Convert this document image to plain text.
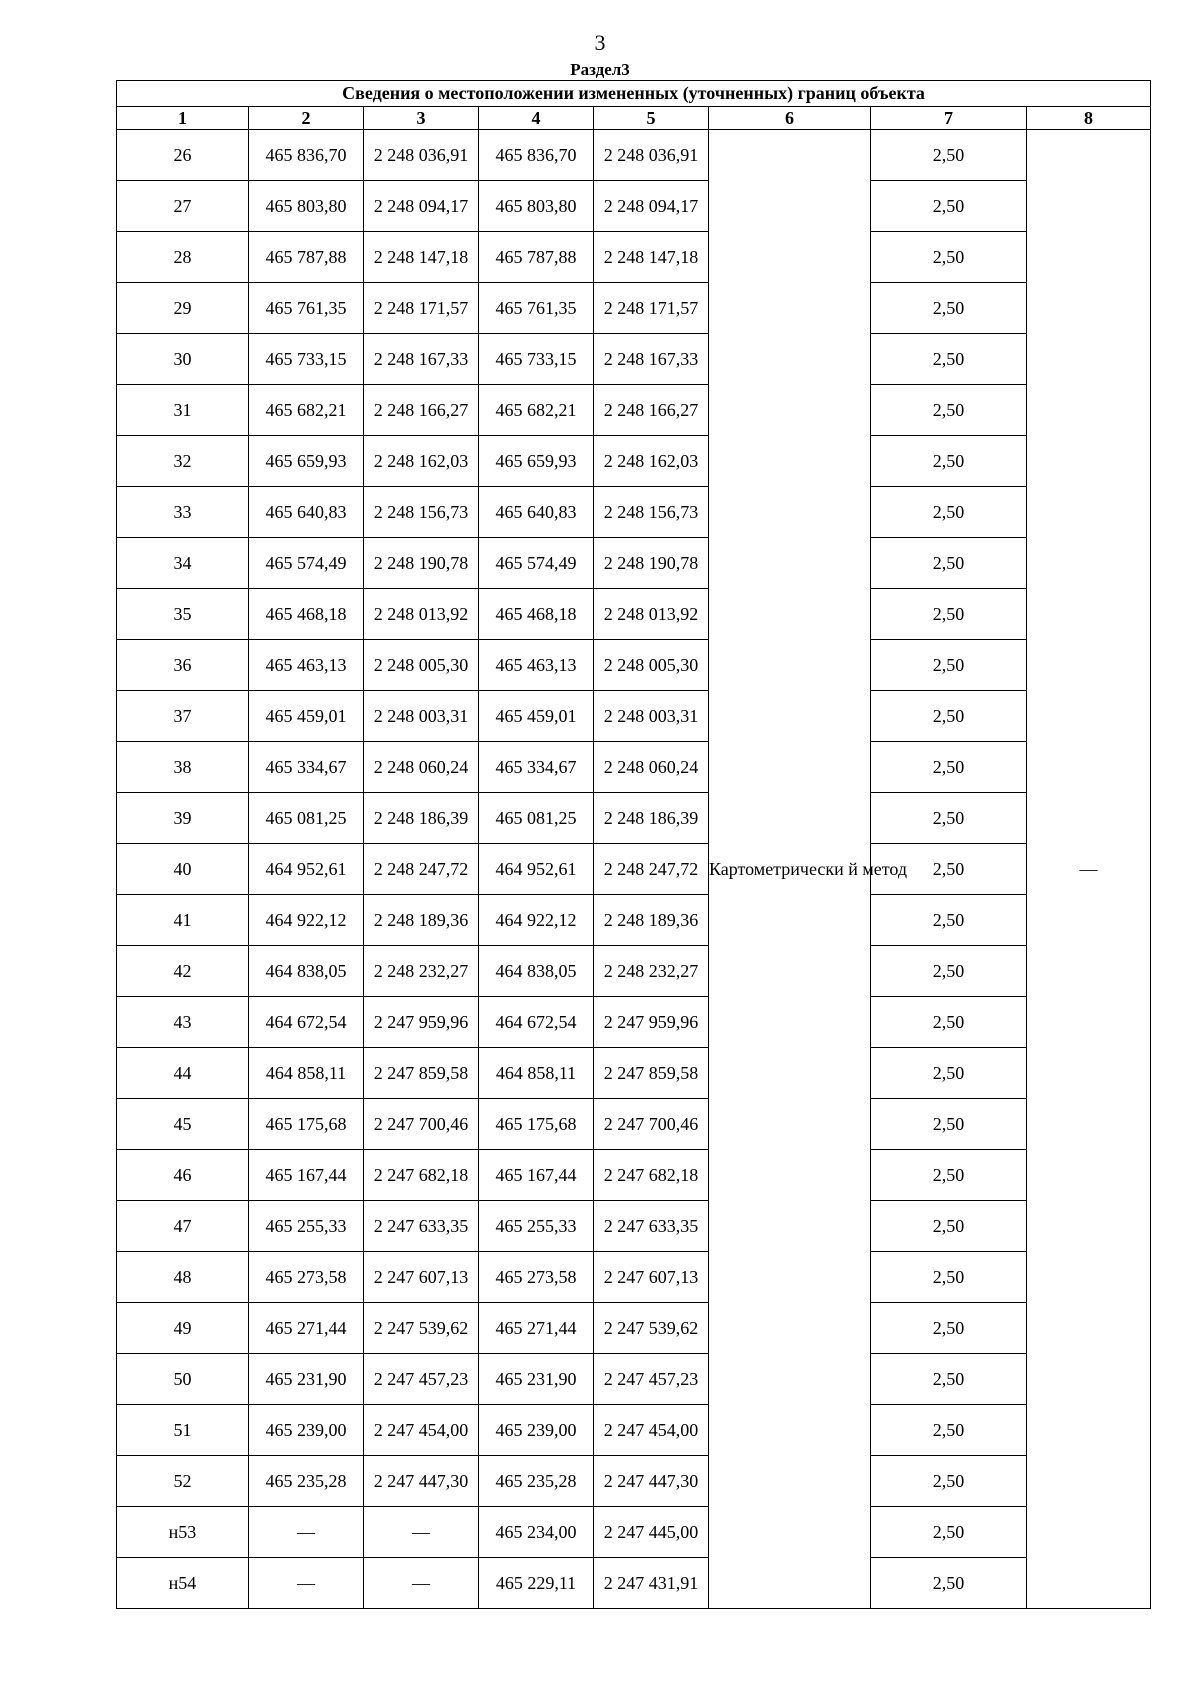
3
Раздел3
Сведения о местоположении измененных (уточненных) границ объекта							
1	2	3	4	5	6	7	8
26	465 836,70	2 248 036,91	465 836,70	2 248 036,91	Картометрически й метод	2,50	—
27	465 803,80	2 248 094,17	465 803,80	2 248 094,17		2,50	
28	465 787,88	2 248 147,18	465 787,88	2 248 147,18		2,50	
29	465 761,35	2 248 171,57	465 761,35	2 248 171,57		2,50	
30	465 733,15	2 248 167,33	465 733,15	2 248 167,33		2,50	
31	465 682,21	2 248 166,27	465 682,21	2 248 166,27		2,50	
32	465 659,93	2 248 162,03	465 659,93	2 248 162,03		2,50	
33	465 640,83	2 248 156,73	465 640,83	2 248 156,73		2,50	
34	465 574,49	2 248 190,78	465 574,49	2 248 190,78		2,50	
35	465 468,18	2 248 013,92	465 468,18	2 248 013,92		2,50	
36	465 463,13	2 248 005,30	465 463,13	2 248 005,30		2,50	
37	465 459,01	2 248 003,31	465 459,01	2 248 003,31		2,50	
38	465 334,67	2 248 060,24	465 334,67	2 248 060,24		2,50	
39	465 081,25	2 248 186,39	465 081,25	2 248 186,39		2,50	
40	464 952,61	2 248 247,72	464 952,61	2 248 247,72		2,50	
41	464 922,12	2 248 189,36	464 922,12	2 248 189,36		2,50	
42	464 838,05	2 248 232,27	464 838,05	2 248 232,27		2,50	
43	464 672,54	2 247 959,96	464 672,54	2 247 959,96		2,50	
44	464 858,11	2 247 859,58	464 858,11	2 247 859,58		2,50	
45	465 175,68	2 247 700,46	465 175,68	2 247 700,46		2,50	
46	465 167,44	2 247 682,18	465 167,44	2 247 682,18		2,50	
47	465 255,33	2 247 633,35	465 255,33	2 247 633,35		2,50	
48	465 273,58	2 247 607,13	465 273,58	2 247 607,13		2,50	
49	465 271,44	2 247 539,62	465 271,44	2 247 539,62		2,50	
50	465 231,90	2 247 457,23	465 231,90	2 247 457,23		2,50	
51	465 239,00	2 247 454,00	465 239,00	2 247 454,00		2,50	
52	465 235,28	2 247 447,30	465 235,28	2 247 447,30		2,50	
н53	—	—	465 234,00	2 247 445,00		2,50	
н54	—	—	465 229,11	2 247 431,91		2,50	
